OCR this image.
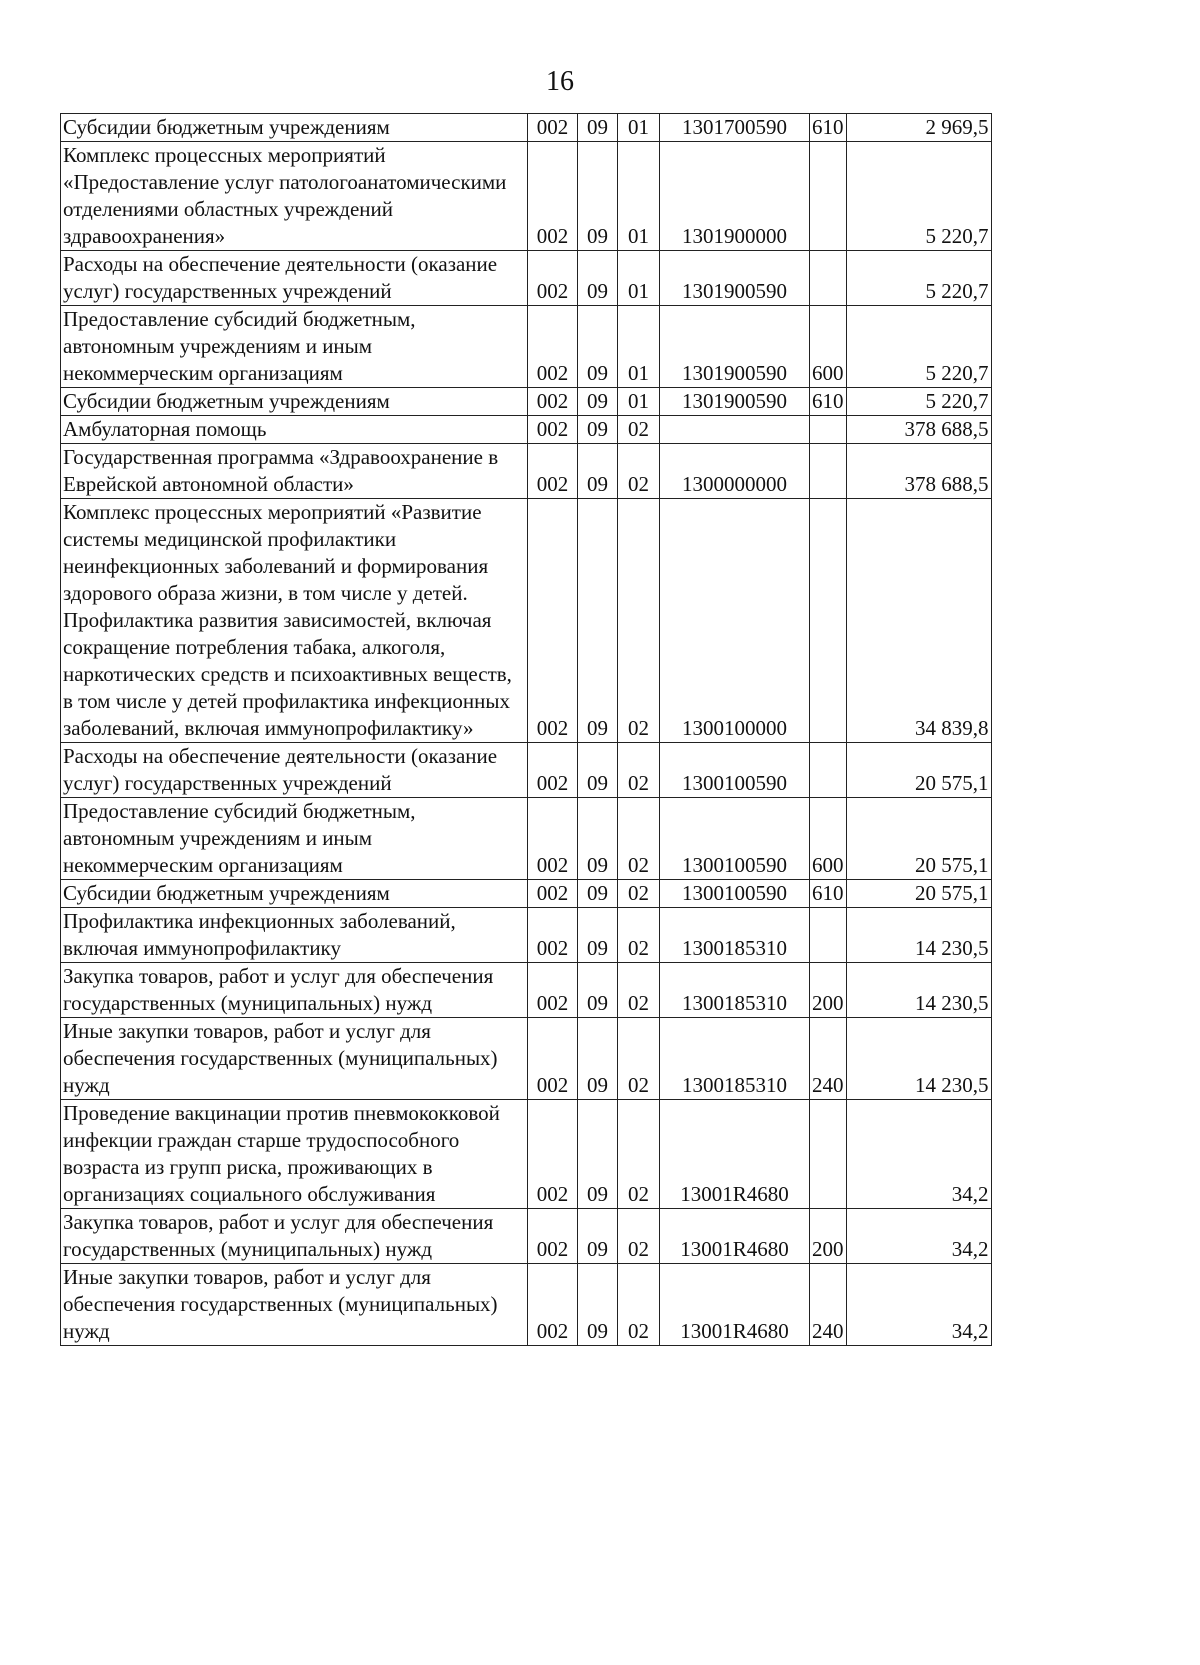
16
Субсидии бюджетным учреждениям	002	09	01	1301700590	610	2 969,5
Комплекс процессных мероприятий «Предоставление услуг патологоанатомическими отделениями областных учреждений здравоохранения»	002	09	01	1301900000		5 220,7
Расходы на обеспечение деятельности (оказание услуг) государственных учреждений	002	09	01	1301900590		5 220,7
Предоставление субсидий бюджетным, автономным учреждениям и иным некоммерческим организациям	002	09	01	1301900590	600	5 220,7
Субсидии бюджетным учреждениям	002	09	01	1301900590	610	5 220,7
Амбулаторная помощь	002	09	02			378 688,5
Государственная программа «Здравоохранение в Еврейской автономной области»	002	09	02	1300000000		378 688,5
Комплекс процессных мероприятий «Развитие системы медицинской профилактики неинфекционных заболеваний и формирования здорового образа жизни, в том числе у детей. Профилактика развития зависимостей, включая сокращение потребления табака, алкоголя, наркотических средств и психоактивных веществ, в том числе у детей профилактика инфекционных заболеваний, включая иммунопрофилактику»	002	09	02	1300100000		34 839,8
Расходы на обеспечение деятельности (оказание услуг) государственных учреждений	002	09	02	1300100590		20 575,1
Предоставление субсидий бюджетным, автономным учреждениям и иным некоммерческим организациям	002	09	02	1300100590	600	20 575,1
Субсидии бюджетным учреждениям	002	09	02	1300100590	610	20 575,1
Профилактика инфекционных заболеваний, включая иммунопрофилактику	002	09	02	1300185310		14 230,5
Закупка товаров, работ и услуг для обеспечения государственных (муниципальных) нужд	002	09	02	1300185310	200	14 230,5
Иные закупки товаров, работ и услуг для обеспечения государственных (муниципальных) нужд	002	09	02	1300185310	240	14 230,5
Проведение вакцинации против пневмококковой инфекции граждан старше трудоспособного возраста из групп риска, проживающих в организациях социального обслуживания	002	09	02	13001R4680		34,2
Закупка товаров, работ и услуг для обеспечения государственных (муниципальных) нужд	002	09	02	13001R4680	200	34,2
Иные закупки товаров, работ и услуг для обеспечения государственных (муниципальных) нужд	002	09	02	13001R4680	240	34,2
